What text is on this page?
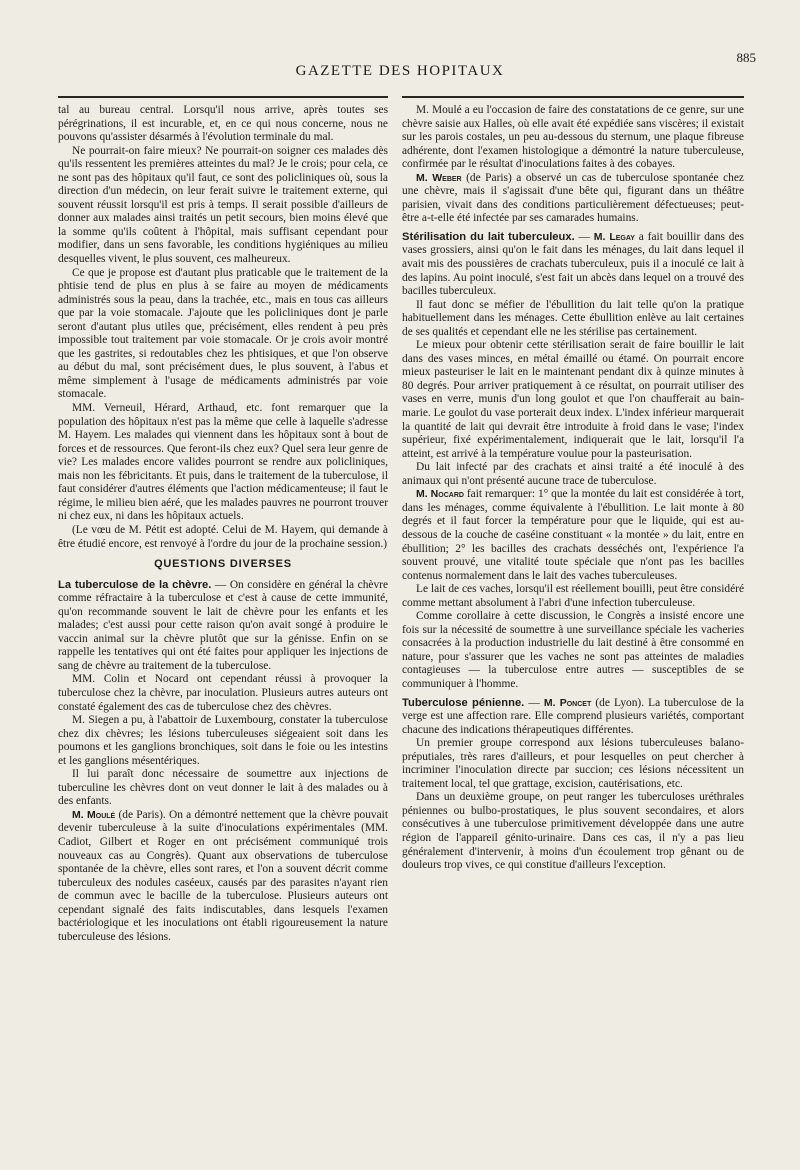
GAZETTE DES HOPITAUX
885

tal au bureau central. Lorsqu'il nous arrive, après toutes ses pérégrinations, il est incurable, et, en ce qui nous concerne, nous ne pouvons qu'assister désarmés à l'évolution terminale du mal.

Ne pourrait-on faire mieux? Ne pourrait-on soigner ces malades dès qu'ils ressentent les premières atteintes du mal? Je le crois; pour cela, ce ne sont pas des hôpitaux qu'il faut, ce sont des policliniques où, sous la direction d'un médecin, on leur ferait suivre le traitement externe, qui souvent réussit lorsqu'il est pris à temps. Il serait possible d'ailleurs de donner aux malades ainsi traités un petit secours, bien moins élevé que la somme qu'ils coûtent à l'hôpital, mais suffisant cependant pour modifier, dans un sens favorable, les conditions hygiéniques au milieu desquelles vivent, le plus souvent, ces malheureux.

Ce que je propose est d'autant plus praticable que le traitement de la phtisie tend de plus en plus à se faire au moyen de médicaments administrés sous la peau, dans la trachée, etc., mais en tous cas ailleurs que par la voie stomacale. J'ajoute que les policliniques dont je parle seront d'autant plus utiles que, précisément, elles rendent à peu près impossible tout traitement par voie stomacale. Or je crois avoir montré que les gastrites, si redoutables chez les phtisiques, et que l'on observe au début du mal, sont précisément dues, le plus souvent, à l'abus et même simplement à l'usage de médicaments administrés par voie stomacale.

MM. Verneuil, Hérard, Arthaud, etc. font remarquer que la population des hôpitaux n'est pas la même que celle à laquelle s'adresse M. Hayem. Les malades qui viennent dans les hôpitaux sont à bout de forces et de ressources. Que feront-ils chez eux? Quel sera leur genre de vie? Les malades encore valides pourront se rendre aux policliniques, mais non les fébricitants. Et puis, dans le traitement de la tuberculose, il faut considérer d'autres éléments que l'action médicamenteuse; il faut le régime, le milieu bien aéré, que les malades pauvres ne pourront trouver ni chez eux, ni dans les hôpitaux actuels.

(Le vœu de M. Pétit est adopté. Celui de M. Hayem, qui demande à être étudié encore, est renvoyé à l'ordre du jour de la prochaine session.)

QUESTIONS DIVERSES

La tuberculose de la chèvre. — On considère en général la chèvre comme réfractaire à la tuberculose et c'est à cause de cette immunité, qu'on recommande souvent le lait de chèvre pour les enfants et les malades; c'est aussi pour cette raison qu'on avait songé à produire le vaccin animal sur la chèvre plutôt que sur la génisse. Enfin on se rappelle les tentatives qui ont été faites pour appliquer les injections de sang de chèvre au traitement de la tuberculose.

MM. Colin et Nocard ont cependant réussi à provoquer la tuberculose chez la chèvre, par inoculation. Plusieurs autres auteurs ont constaté également des cas de tuberculose chez des chèvres.

M. Siegen a pu, à l'abattoir de Luxembourg, constater la tuberculose chez dix chèvres; les lésions tuberculeuses siégeaient soit dans les poumons et les ganglions bronchiques, soit dans le foie ou les intestins et les ganglions mésentériques.

Il lui paraît donc nécessaire de soumettre aux injections de tuberculine les chèvres dont on veut donner le lait à des malades ou à des enfants.

M. Moulé (de Paris). On a démontré nettement que la chèvre pouvait devenir tuberculeuse à la suite d'inoculations expérimentales (MM. Cadiot, Gilbert et Roger en ont précisément communiqué trois nouveaux cas au Congrès). Quant aux observations de tuberculose spontanée de la chèvre, elles sont rares, et l'on a souvent décrit comme tuberculeux des nodules caséeux, causés par des parasites n'ayant rien de commun avec le bacille de la tuberculose. Plusieurs auteurs ont cependant signalé des faits indiscutables, dans lesquels l'examen bactériologique et les inoculations ont établi rigoureusement la nature tuberculeuse des lésions.

M. Moulé a eu l'occasion de faire des constatations de ce genre, sur une chèvre saisie aux Halles, où elle avait été expédiée sans viscères; il existait sur les parois costales, un peu au-dessous du sternum, une plaque fibreuse adhérente, dont l'examen histologique a démontré la nature tuberculeuse, confirmée par le résultat d'inoculations faites à des cobayes.

M. Weber (de Paris) a observé un cas de tuberculose spontanée chez une chèvre, mais il s'agissait d'une bête qui, figurant dans un théâtre parisien, vivait dans des conditions particulièrement défectueuses; peut-être a-t-elle été infectée par ses camarades humains.

Stérilisation du lait tuberculeux. — M. Legay a fait bouillir dans des vases grossiers, ainsi qu'on le fait dans les ménages, du lait dans lequel il avait mis des poussières de crachats tuberculeux, puis il a inoculé ce lait à des lapins. Au point inoculé, s'est fait un abcès dans lequel on a trouvé des bacilles tuberculeux.

Il faut donc se méfier de l'ébullition du lait telle qu'on la pratique habituellement dans les ménages. Cette ébullition enlève au lait certaines de ses qualités et cependant elle ne les stérilise pas certainement.

Le mieux pour obtenir cette stérilisation serait de faire bouillir le lait dans des vases minces, en métal émaillé ou étamé. On pourrait encore mieux pasteuriser le lait en le maintenant pendant dix à quinze minutes à 80 degrés. Pour arriver pratiquement à ce résultat, on pourrait utiliser des vases en verre, munis d'un long goulot et que l'on chaufferait au bain-marie. Le goulot du vase porterait deux index. L'index inférieur marquerait la quantité de lait qui devrait être introduite à froid dans le vase; l'index supérieur, fixé expérimentalement, indiquerait que le lait, lorsqu'il l'a atteint, est arrivé à la température voulue pour la pasteurisation.

Du lait infecté par des crachats et ainsi traité a été inoculé à des animaux qui n'ont présenté aucune trace de tuberculose.

M. Nocard fait remarquer: 1° que la montée du lait est considérée à tort, dans les ménages, comme équivalente à l'ébullition. Le lait monte à 80 degrés et il faut forcer la température pour que le liquide, qui est au-dessous de la couche de caséine constituant « la montée » du lait, entre en ébullition; 2° les bacilles des crachats desséchés ont, l'expérience l'a souvent prouvé, une vitalité toute spéciale que n'ont pas les bacilles contenus normalement dans le lait des vaches tuberculeuses.

Le lait de ces vaches, lorsqu'il est réellement bouilli, peut être considéré comme mettant absolument à l'abri d'une infection tuberculeuse.

Comme corollaire à cette discussion, le Congrès a insisté encore une fois sur la nécessité de soumettre à une surveillance spéciale les vacheries consacrées à la production industrielle du lait destiné à être consommé en nature, pour s'assurer que les vaches ne sont pas atteintes de maladies contagieuses — la tuberculose entre autres — susceptibles de se communiquer à l'homme.

Tuberculose pénienne. — M. Poncet (de Lyon). La tuberculose de la verge est une affection rare. Elle comprend plusieurs variétés, comportant chacune des indications thérapeutiques différentes.

Un premier groupe correspond aux lésions tuberculeuses balano-préputiales, très rares d'ailleurs, et pour lesquelles on peut chercher à incriminer l'inoculation directe par succion; ces lésions nécessitent un traitement local, tel que grattage, excision, cautérisations, etc.

Dans un deuxième groupe, on peut ranger les tuberculoses uréthrales péniennes ou bulbo-prostatiques, le plus souvent secondaires, et alors consécutives à une tuberculose primitivement développée dans une autre région de l'appareil génito-urinaire. Dans ces cas, il n'y a pas lieu généralement d'intervenir, à moins d'un écoulement trop gênant ou de douleurs trop vives, ce qui constitue d'ailleurs l'exception.
